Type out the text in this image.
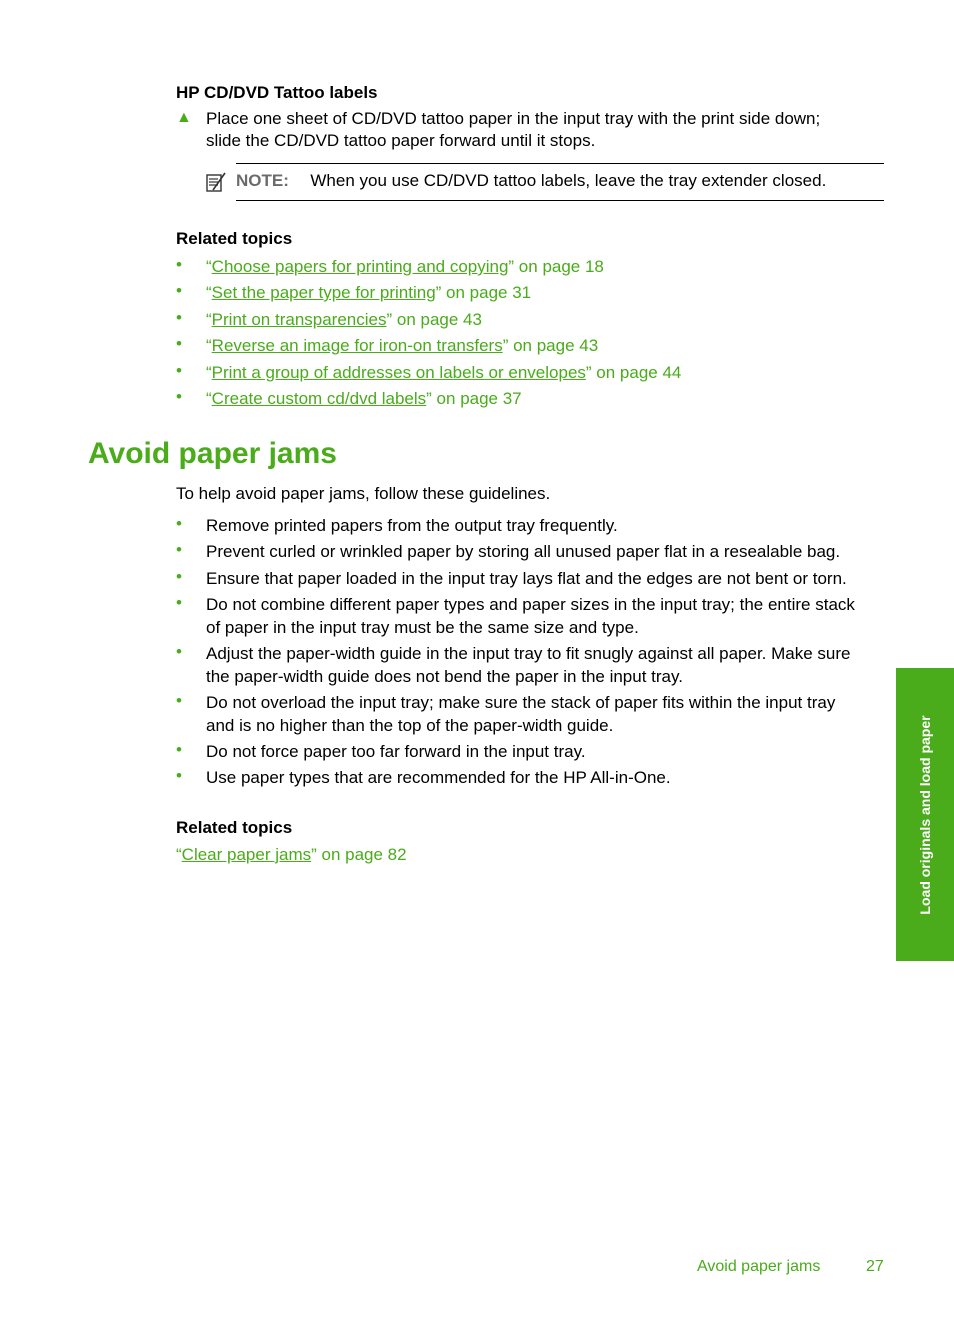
HP CD/DVD Tattoo labels
▲ Place one sheet of CD/DVD tattoo paper in the input tray with the print side down;
slide the CD/DVD tattoo paper forward until it stops.
NOTE: When you use CD/DVD tattoo labels, leave the tray extender closed.
Related topics
• “Choose papers for printing and copying” on page 18
• “Set the paper type for printing” on page 31
• “Print on transparencies” on page 43
• “Reverse an image for iron-on transfers” on page 43
• “Print a group of addresses on labels or envelopes” on page 44
• “Create custom cd/dvd labels” on page 37
Avoid paper jams
To help avoid paper jams, follow these guidelines.
• Remove printed papers from the output tray frequently.
• Prevent curled or wrinkled paper by storing all unused paper flat in a resealable bag.
• Ensure that paper loaded in the input tray lays flat and the edges are not bent or torn.
• Do not combine different paper types and paper sizes in the input tray; the entire stack
of paper in the input tray must be the same size and type.
• Adjust the paper-width guide in the input tray to fit snugly against all paper. Make sure
the paper-width guide does not bend the paper in the input tray.
• Do not overload the input tray; make sure the stack of paper fits within the input tray
and is no higher than the top of the paper-width guide.
• Do not force paper too far forward in the input tray.
• Use paper types that are recommended for the HP All-in-One.
Related topics
“Clear paper jams” on page 82	Load originals and load paper
Avoid paper jams	27
